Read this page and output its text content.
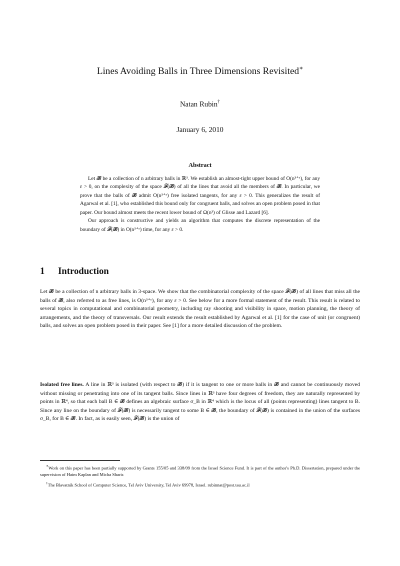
Lines Avoiding Balls in Three Dimensions Revisited∗
Natan Rubin†
January 6, 2010
Abstract

Let 𝓑 be a collection of n arbitrary balls in ℝ³. We establish an almost-tight upper bound of O(n³⁺ᵋ), for any ε > 0, on the complexity of the space 𝓕(𝓑) of all the lines that avoid all the members of 𝓑. In particular, we prove that the balls of 𝓑 admit O(n³⁺ᵋ) free isolated tangents, for any ε > 0. This generalizes the result of Agarwal et al. [1], who established this bound only for congruent balls, and solves an open problem posed in that paper. Our bound almost meets the recent lower bound of Ω(n³) of Glisse and Lazard [6].

Our approach is constructive and yields an algorithm that computes the discrete representation of the boundary of 𝓕(𝓑) in O(n³⁺ᵋ) time, for any ε > 0.

1 Introduction

Let 𝓑 be a collection of n arbitrary balls in 3-space. We show that the combinatorial complexity of the space 𝓕(𝓑) of all lines that miss all the balls of 𝓑, also referred to as free lines, is O(n³⁺ᵋ), for any ε > 0. See below for a more formal statement of the result. This result is related to several topics in computational and combinatorial geometry, including ray shooting and visibility in space, motion planning, the theory of arrangements, and the theory of transversals. Our result extends the result established by Agarwal et al. [1] for the case of unit (or congruent) balls, and solves an open problem posed in their paper. See [1] for a more detailed discussion of the problem.

Isolated free lines. A line in ℝ³ is isolated (with respect to 𝓑) if it is tangent to one or more balls in 𝓑 and cannot be continuously moved without missing or penetrating into one of its tangent balls. Since lines in ℝ³ have four degrees of freedom, they are naturally represented by points in ℝ⁴, so that each ball B ∈ 𝓑 defines an algebraic surface σ_B in ℝ⁴ which is the locus of all (points representing) lines tangent to B. Since any line on the boundary of 𝓕(𝓑) is necessarily tangent to some B ∈ 𝓑, the boundary of 𝓕(𝓑) is contained in the union of the surfaces σ_B, for B ∈ 𝓑. In fact, as is easily seen, 𝓕(𝓑) is the union of

∗Work on this paper has been partially supported by Grants 155/05 and 338/09 from the Israel Science Fund. It is part of the author's Ph.D. Dissertation, prepared under the supervision of Haim Kaplan and Micha Sharir.

†The Blavatnik School of Computer Science, Tel Aviv University, Tel Aviv 69978, Israel. rubinnat@post.tau.ac.il
